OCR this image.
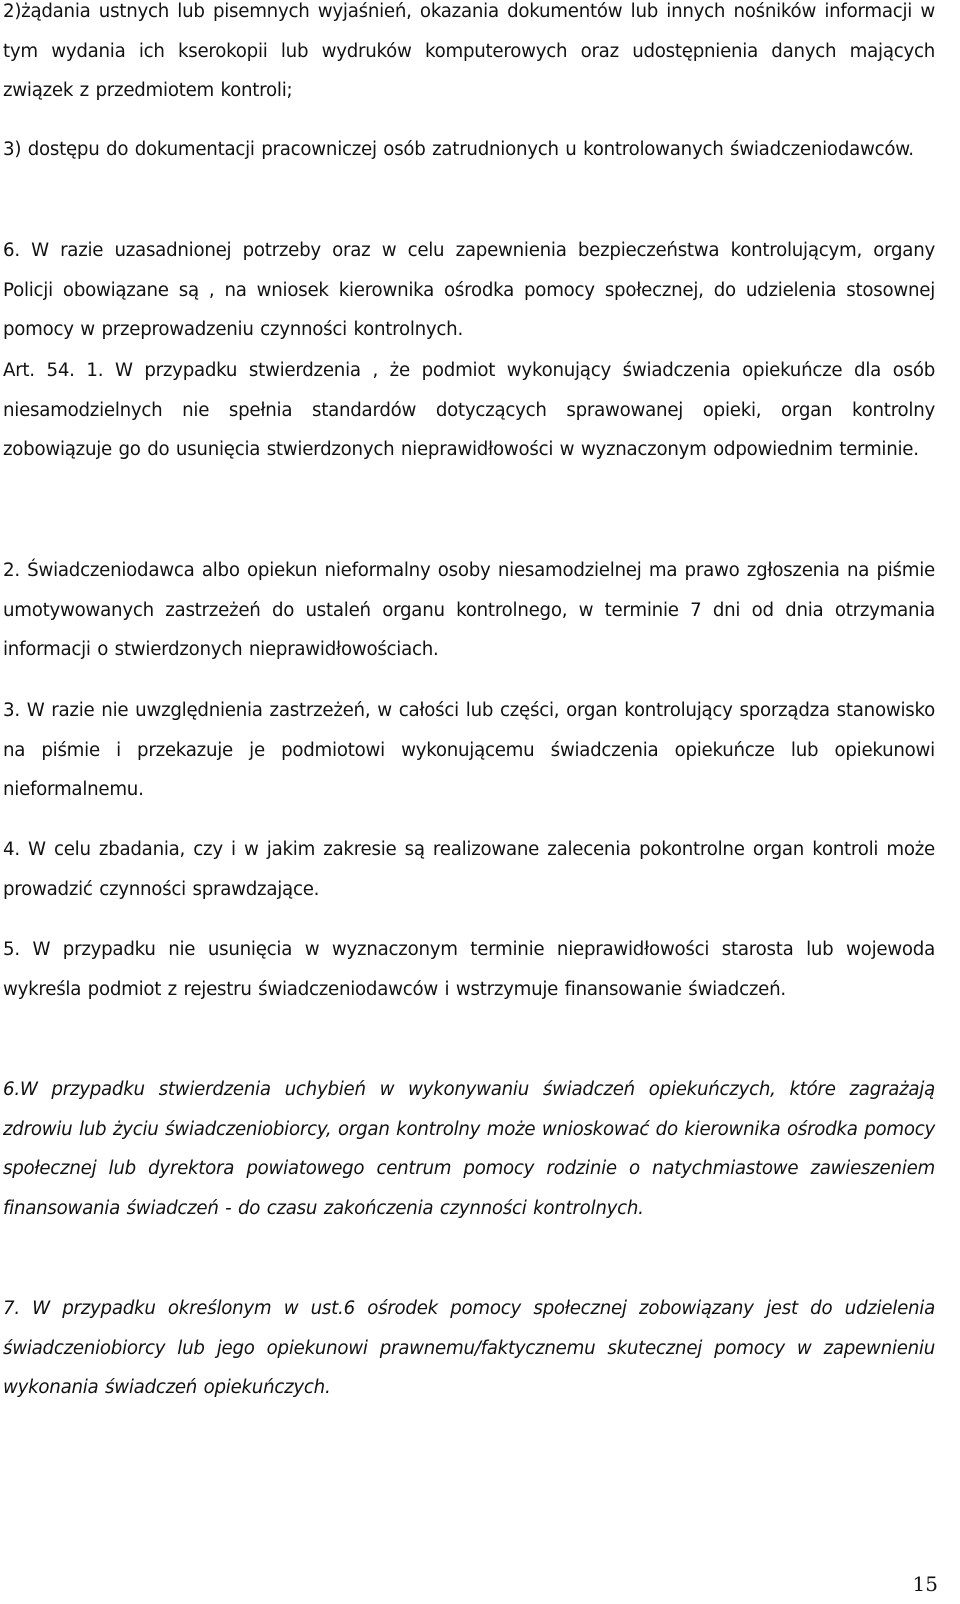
2)żądania ustnych lub pisemnych wyjaśnień, okazania dokumentów lub innych nośników informacji w tym wydania ich kserokopii lub wydruków komputerowych oraz udostępnienia danych mających związek z przedmiotem kontroli;

3) dostępu do dokumentacji pracowniczej osób zatrudnionych u kontrolowanych świadczeniodawców.

6. W razie uzasadnionej potrzeby oraz w celu zapewnienia bezpieczeństwa kontrolującym, organy Policji obowiązane są , na wniosek kierownika ośrodka pomocy społecznej, do udzielenia stosownej pomocy w przeprowadzeniu czynności kontrolnych.

Art. 54. 1. W przypadku stwierdzenia , że podmiot wykonujący świadczenia opiekuńcze dla osób niesamodzielnych nie spełnia standardów dotyczących sprawowanej opieki, organ kontrolny zobowiązuje go do usunięcia stwierdzonych nieprawidłowości w wyznaczonym odpowiednim terminie.

2. Świadczeniodawca albo opiekun nieformalny osoby niesamodzielnej ma prawo zgłoszenia na piśmie umotywowanych zastrzeżeń do ustaleń organu kontrolnego, w terminie 7 dni od dnia otrzymania informacji o stwierdzonych nieprawidłowościach.

3. W razie nie uwzględnienia zastrzeżeń, w całości lub części, organ kontrolujący sporządza stanowisko na piśmie i przekazuje je podmiotowi wykonującemu świadczenia opiekuńcze lub opiekunowi nieformalnemu.

4. W celu zbadania, czy i w jakim zakresie są realizowane zalecenia pokontrolne organ kontroli może prowadzić czynności sprawdzające.

5. W przypadku nie usunięcia w wyznaczonym terminie nieprawidłowości starosta lub wojewoda wykreśla podmiot z rejestru świadczeniodawców i wstrzymuje finansowanie świadczeń.

6.W przypadku stwierdzenia uchybień w wykonywaniu świadczeń opiekuńczych, które zagrażają zdrowiu lub życiu świadczeniobiorcy, organ kontrolny może wnioskować do kierownika ośrodka pomocy społecznej lub dyrektora powiatowego centrum pomocy rodzinie o natychmiastowe zawieszeniem finansowania świadczeń - do czasu zakończenia czynności kontrolnych.

7. W przypadku określonym w ust.6 ośrodek pomocy społecznej zobowiązany jest do udzielenia świadczeniobiorcy lub jego opiekunowi prawnemu/faktycznemu skutecznej pomocy w zapewnieniu wykonania świadczeń opiekuńczych.

15
